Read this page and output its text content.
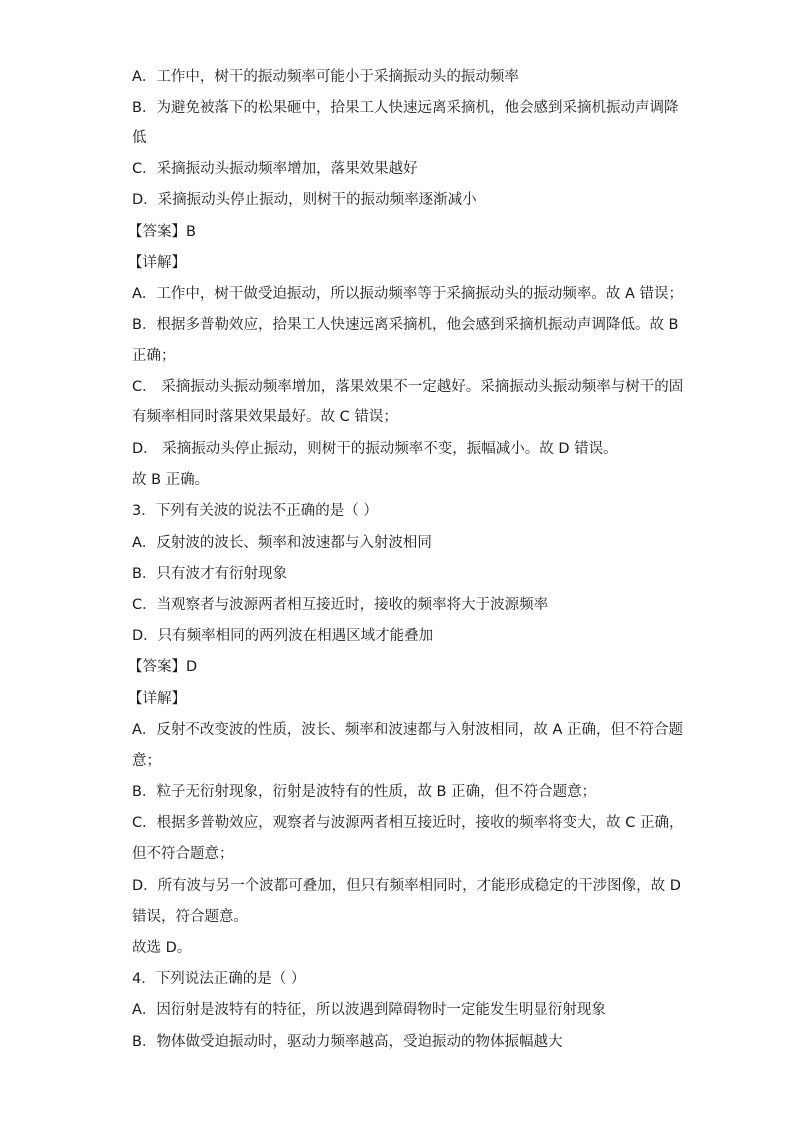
A．工作中，树干的振动频率可能小于采摘振动头的振动频率
B．为避免被落下的松果砸中，拾果工人快速远离采摘机，他会感到采摘机振动声调降
低
C．采摘振动头振动频率增加，落果效果越好
D．采摘振动头停止振动，则树干的振动频率逐渐减小
【答案】B
【详解】
A．工作中，树干做受迫振动，所以振动频率等于采摘振动头的振动频率。故 A 错误；
B．根据多普勒效应，拾果工人快速远离采摘机，他会感到采摘机振动声调降低。故 B
正确；
C． 采摘振动头振动频率增加，落果效果不一定越好。采摘振动头振动频率与树干的固
有频率相同时落果效果最好。故 C 错误；
D． 采摘振动头停止振动，则树干的振动频率不变，振幅减小。故 D 错误。
故 B 正确。
3．下列有关波的说法不正确的是（ ）
A．反射波的波长、频率和波速都与入射波相同
B．只有波才有衍射现象
C．当观察者与波源两者相互接近时，接收的频率将大于波源频率
D．只有频率相同的两列波在相遇区域才能叠加
【答案】D
【详解】
A．反射不改变波的性质，波长、频率和波速都与入射波相同，故 A 正确，但不符合题
意；
B．粒子无衍射现象，衍射是波特有的性质，故 B 正确，但不符合题意；
C．根据多普勒效应，观察者与波源两者相互接近时，接收的频率将变大，故 C 正确，
但不符合题意；
D．所有波与另一个波都可叠加，但只有频率相同时，才能形成稳定的干涉图像，故 D
错误，符合题意。
故选 D。
4．下列说法正确的是（ ）
A．因衍射是波特有的特征，所以波遇到障碍物时一定能发生明显衍射现象
B．物体做受迫振动时，驱动力频率越高，受迫振动的物体振幅越大
